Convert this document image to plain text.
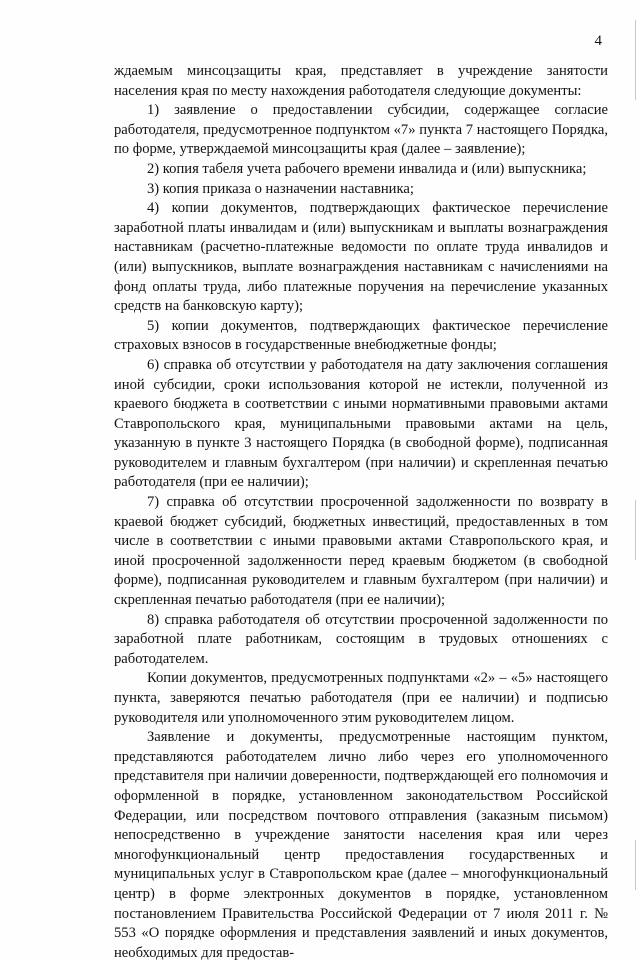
4

ждаемым минсоцзащиты края, представляет в учреждение занятости населения края по месту нахождения работодателя следующие документы:

1) заявление о предоставлении субсидии, содержащее согласие работодателя, предусмотренное подпунктом «7» пункта 7 настоящего Порядка, по форме, утверждаемой минсоцзащиты края (далее – заявление);

2) копия табеля учета рабочего времени инвалида и (или) выпускника;

3) копия приказа о назначении наставника;

4) копии документов, подтверждающих фактическое перечисление заработной платы инвалидам и (или) выпускникам и выплаты вознаграждения наставникам (расчетно-платежные ведомости по оплате труда инвалидов и (или) выпускников, выплате вознаграждения наставникам с начислениями на фонд оплаты труда, либо платежные поручения на перечисление указанных средств на банковскую карту);

5) копии документов, подтверждающих фактическое перечисление страховых взносов в государственные внебюджетные фонды;

6) справка об отсутствии у работодателя на дату заключения соглашения иной субсидии, сроки использования которой не истекли, полученной из краевого бюджета в соответствии с иными нормативными правовыми актами Ставропольского края, муниципальными правовыми актами на цель, указанную в пункте 3 настоящего Порядка (в свободной форме), подписанная руководителем и главным бухгалтером (при наличии) и скрепленная печатью работодателя (при ее наличии);

7) справка об отсутствии просроченной задолженности по возврату в краевой бюджет субсидий, бюджетных инвестиций, предоставленных в том числе в соответствии с иными правовыми актами Ставропольского края, и иной просроченной задолженности перед краевым бюджетом (в свободной форме), подписанная руководителем и главным бухгалтером (при наличии) и скрепленная печатью работодателя (при ее наличии);

8) справка работодателя об отсутствии просроченной задолженности по заработной плате работникам, состоящим в трудовых отношениях с работодателем.

Копии документов, предусмотренных подпунктами «2» – «5» настоящего пункта, заверяются печатью работодателя (при ее наличии) и подписью руководителя или уполномоченного этим руководителем лицом.

Заявление и документы, предусмотренные настоящим пунктом, представляются работодателем лично либо через его уполномоченного представителя при наличии доверенности, подтверждающей его полномочия и оформленной в порядке, установленном законодательством Российской Федерации, или посредством почтового отправления (заказным письмом) непосредственно в учреждение занятости населения края или через многофункциональный центр предоставления государственных и муниципальных услуг в Ставропольском крае (далее – многофункциональный центр) в форме электронных документов в порядке, установленном постановлением Правительства Российской Федерации от 7 июля 2011 г. № 553 «О порядке оформления и представления заявлений и иных документов, необходимых для предостав-
